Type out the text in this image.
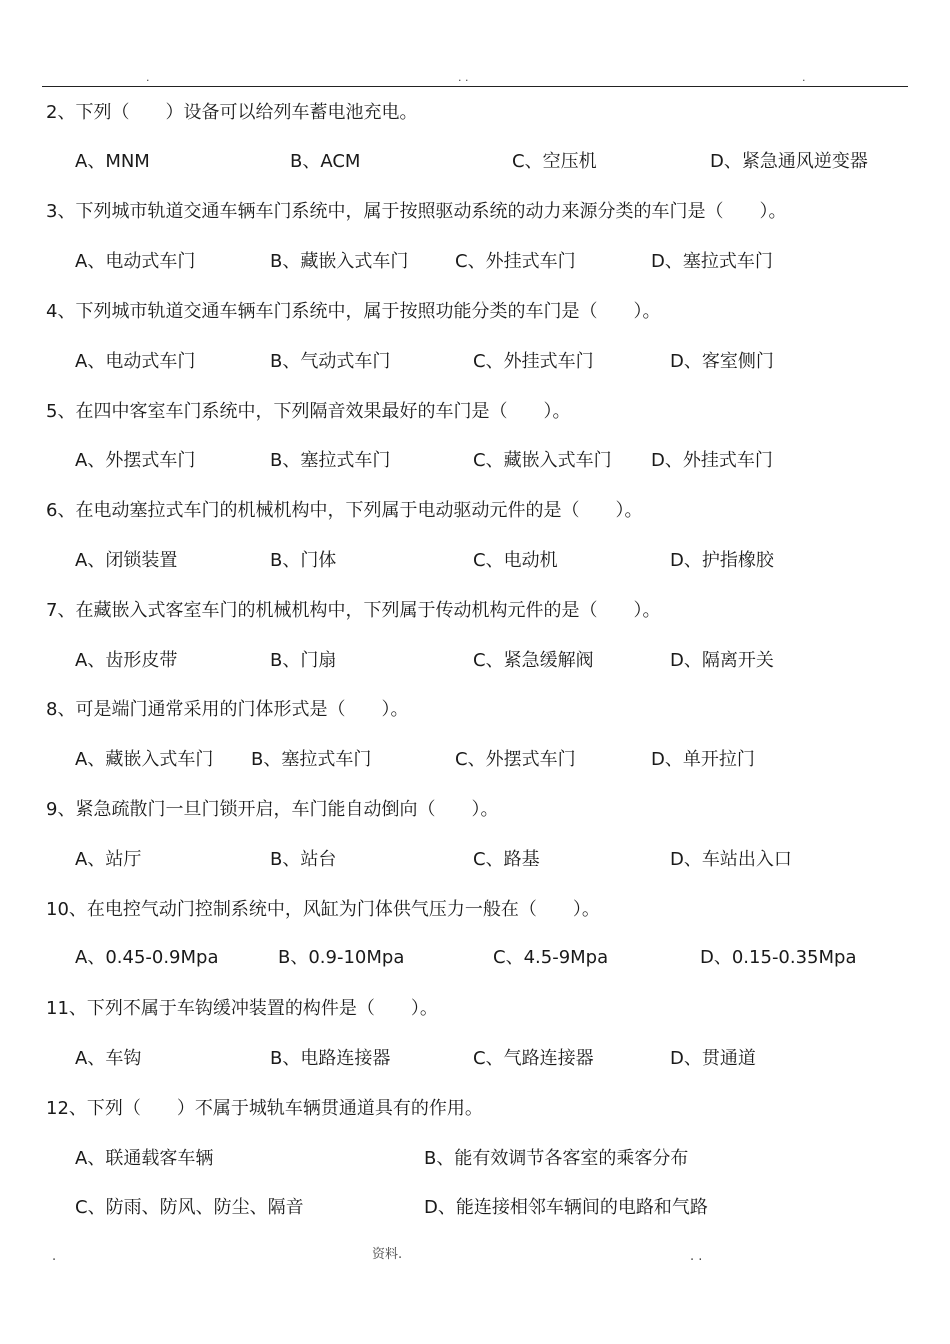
.	. .	.
2、下列（　　）设备可以给列车蓄电池充电。
A、MNM	B、ACM	C、空压机	D、紧急通风逆变器
3、下列城市轨道交通车辆车门系统中，属于按照驱动系统的动力来源分类的车门是（　　）。
A、电动式车门	B、藏嵌入式车门	C、外挂式车门	D、塞拉式车门
4、下列城市轨道交通车辆车门系统中，属于按照功能分类的车门是（　　）。
A、电动式车门	B、气动式车门	C、外挂式车门	D、客室侧门
5、在四中客室车门系统中，下列隔音效果最好的车门是（　　）。
A、外摆式车门	B、塞拉式车门	C、藏嵌入式车门 D、外挂式车门
6、在电动塞拉式车门的机械机构中，下列属于电动驱动元件的是（　　）。
A、闭锁装置	B、门体	C、电动机	D、护指橡胶
7、在藏嵌入式客室车门的机械机构中，下列属于传动机构元件的是（　　）。
A、齿形皮带	B、门扇	C、紧急缓解阀	D、隔离开关
8、可是端门通常采用的门体形式是（　　）。
A、藏嵌入式车门 B、塞拉式车门	C、外摆式车门	D、单开拉门
9、紧急疏散门一旦门锁开启，车门能自动倒向（　　）。
A、站厅	B、站台	C、路基	D、车站出入口
10、在电控气动门控制系统中，风缸为门体供气压力一般在（　　）。
A、0.45-0.9Mpa	B、0.9-10Mpa	C、4.5-9Mpa	D、0.15-0.35Mpa
11、下列不属于车钩缓冲装置的构件是（　　）。
A、车钩	B、电路连接器	C、气路连接器	D、贯通道
12、下列（　　）不属于城轨车辆贯通道具有的作用。
A、联通载客车辆	B、能有效调节各客室的乘客分布
C、防雨、防风、防尘、隔音	D、能连接相邻车辆间的电路和气路
.	资料.	. .
